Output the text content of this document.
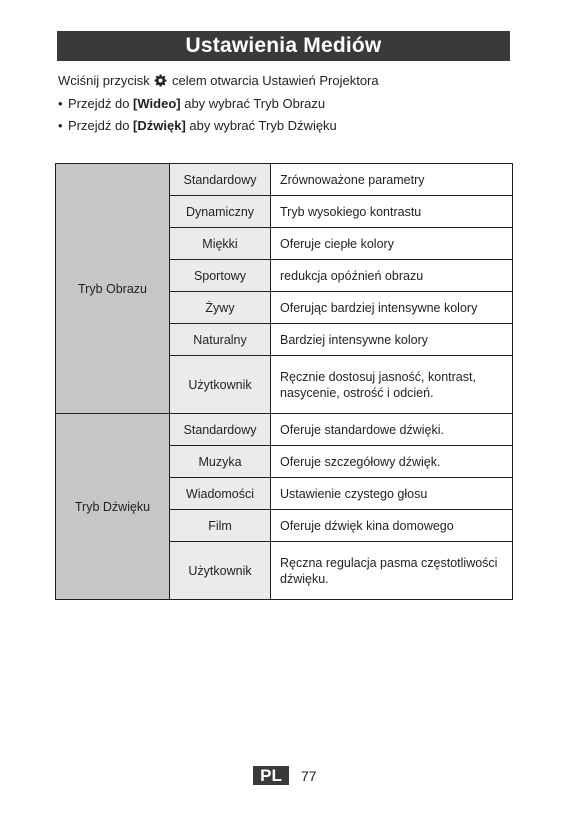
Ustawienia Mediów
Wciśnij przycisk celem otwarcia Ustawień Projektora
• Przejdź do [Wideo] aby wybrać Tryb Obrazu
• Przejdź do [Dźwięk] aby wybrać Tryb Dźwięku
Tryb Obrazu	Standardowy	Zrównoważone parametry
	Dynamiczny	Tryb wysokiego kontrastu
	Miękki	Oferuje ciepłe kolory
	Sportowy	redukcja opóźnień obrazu
	Żywy	Oferując bardziej intensywne kolory
	Naturalny	Bardziej intensywne kolory
	Użytkownik	Ręcznie dostosuj jasność, kontrast, nasycenie, ostrość i odcień.
Tryb Dźwięku	Standardowy	Oferuje standardowe dźwięki.
	Muzyka	Oferuje szczegółowy dźwięk.
	Wiadomości	Ustawienie czystego głosu
	Film	Oferuje dźwięk kina domowego
	Użytkownik	Ręczna regulacja pasma częstotliwości dźwięku.
PL	77
